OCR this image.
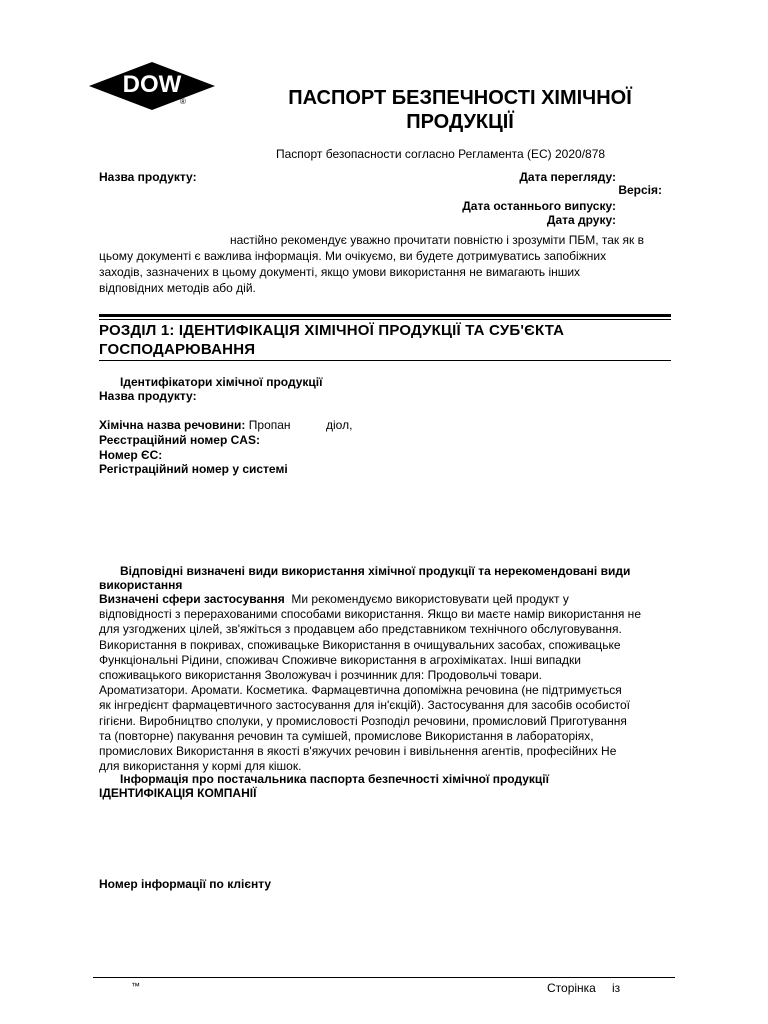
DOW
®	ПАСПОРТ БЕЗПЕЧНОСТІ ХІМІЧНОЇ
ПРОДУКЦІЇ
Паспорт безопасности согласно Регламента (ЕС) 2020/878
Назва продукту:	Дата перегляду:
Версія:
Дата останнього випуску:
Дата друку:

настійно рекомендує уважно прочитати повністю і зрозуміти ПБМ, так як в

цьому документі є важлива інформація. Ми очікуємо, ви будете дотримуватись запобіжних

заходів, зазначених в цьому документі, якщо умови використання не вимагають інших

відповідних методів або дій.

РОЗДІЛ 1: ІДЕНТИФІКАЦІЯ ХІМІЧНОЇ ПРОДУКЦІЇ ТА СУБ'ЄКТА
ГОСПОДАРЮВАННЯ
Ідентифікатори хімічної продукції
Назва продукту:
Хімічна назва речовини: Пропан	діол,
Реєстраційний номер CAS:
Номер ЄС:
Регістраційний номер у системі
Відповідні визначені види використання хімічної продукції та нерекомендовані види
використання

Визначені сфери застосування Ми рекомендуємо використовувати цей продукт у

відповідності з перерахованими способами використання. Якщо ви маєте намір використання не

для узгоджених цілей, зв'яжіться з продавцем або представником технічного обслуговування.

Використання в покривах, споживацьке Використання в очищувальних засобах, споживацьке

Функціональні Рідини, споживач Споживче використання в агрохімікатах. Інші випадки

споживацького використання Зволожувач і розчинник для: Продовольчі товари.

Ароматизатори. Аромати. Косметика. Фармацевтична допоміжна речовина (не підтримується

як інгредієнт фармацевтичного застосування для ін'єкцій). Застосування для засобів особистої

гігієни. Виробництво сполуки, у промисловості Розподіл речовини, промисловий Приготування

та (повторне) пакування речовин та сумішей, промислове Використання в лабораторіях,

промислових Використання в якості в'яжучих речовин і вивільнення агентів, професійних Не

для використання у кормі для кішок.

Інформація про постачальника паспорта безпечності хімічної продукції
ІДЕНТИФІКАЦІЯ КОМПАНІЇ
Номер інформації по клієнту
™	Сторінка із
